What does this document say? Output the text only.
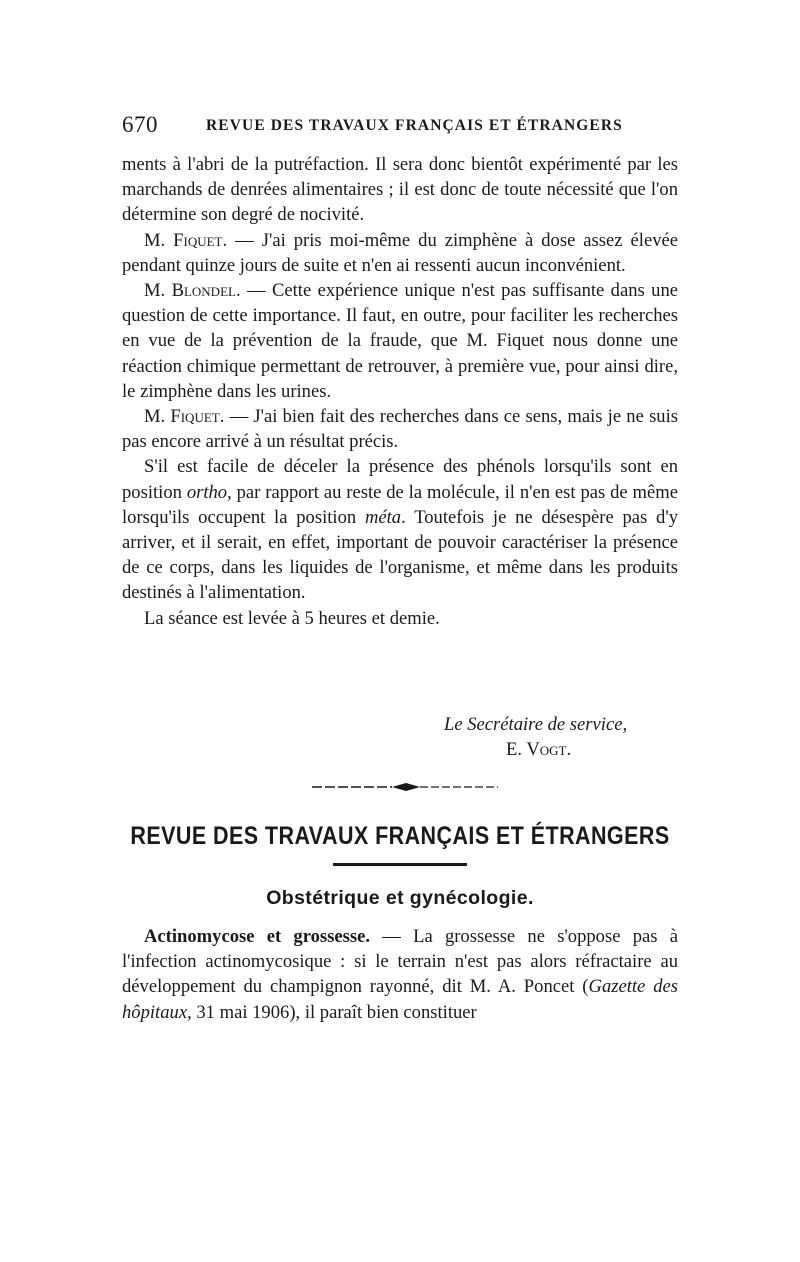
670	REVUE DES TRAVAUX FRANÇAIS ET ÉTRANGERS

ments à l'abri de la putréfaction. Il sera donc bientôt expérimenté par les marchands de denrées alimentaires ; il est donc de toute nécessité que l'on détermine son degré de nocivité.

M. Fiquet. — J'ai pris moi-même du zimphène à dose assez élevée pendant quinze jours de suite et n'en ai ressenti aucun inconvénient.

M. Blondel. — Cette expérience unique n'est pas suffisante dans une question de cette importance. Il faut, en outre, pour faciliter les recherches en vue de la prévention de la fraude, que M. Fiquet nous donne une réaction chimique permettant de retrouver, à première vue, pour ainsi dire, le zimphène dans les urines.

M. Fiquet. — J'ai bien fait des recherches dans ce sens, mais je ne suis pas encore arrivé à un résultat précis.

S'il est facile de déceler la présence des phénols lorsqu'ils sont en position ortho, par rapport au reste de la molécule, il n'en est pas de même lorsqu'ils occupent la position méta. Toutefois je ne désespère pas d'y arriver, et il serait, en effet, important de pouvoir caractériser la présence de ce corps, dans les liquides de l'organisme, et même dans les produits destinés à l'alimentation.

La séance est levée à 5 heures et demie.

Le Secrétaire de service,
E. Vogt.
REVUE DES TRAVAUX FRANÇAIS ET ÉTRANGERS
Obstétrique et gynécologie.

Actinomycose et grossesse. — La grossesse ne s'oppose pas à l'infection actinomycosique : si le terrain n'est pas alors réfractaire au développement du champignon rayonné, dit M. A. Poncet (Gazette des hôpitaux, 31 mai 1906), il paraît bien constituer
